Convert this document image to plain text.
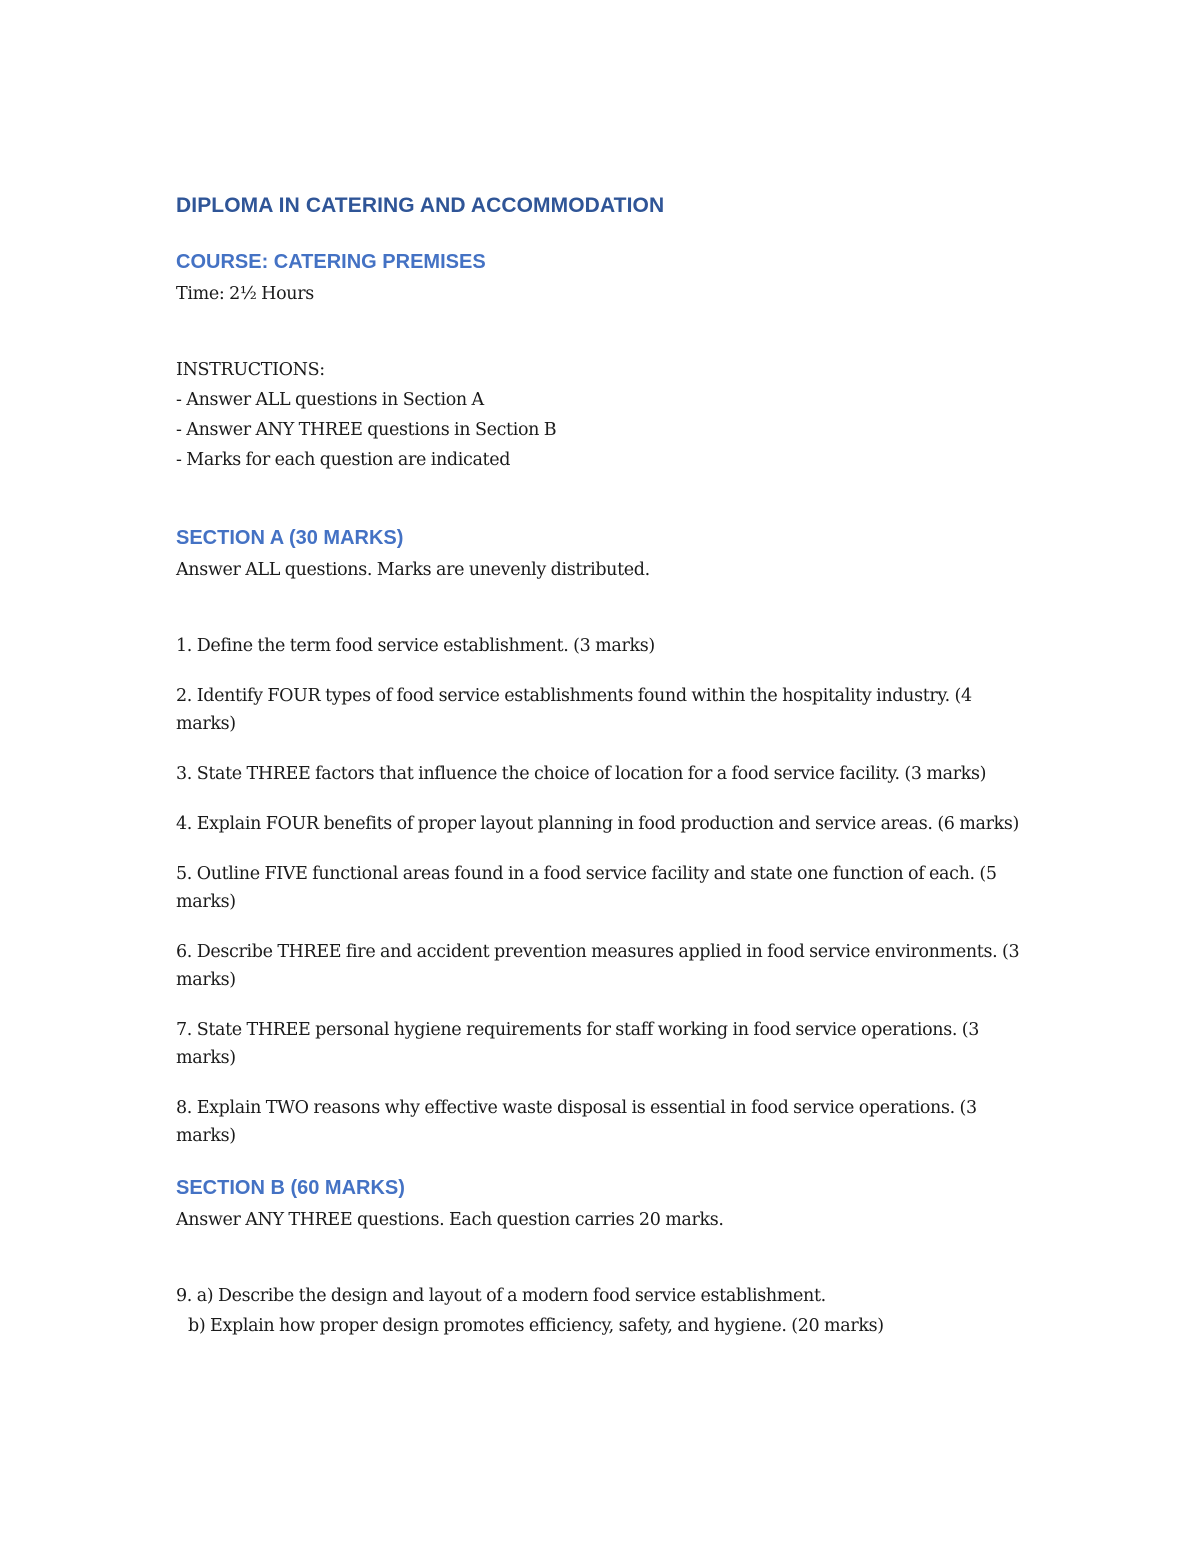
DIPLOMA IN CATERING AND ACCOMMODATION
COURSE: CATERING PREMISES
Time: 2½ Hours
INSTRUCTIONS:
- Answer ALL questions in Section A
- Answer ANY THREE questions in Section B
- Marks for each question are indicated
SECTION A (30 MARKS)
Answer ALL questions. Marks are unevenly distributed.
1. Define the term food service establishment. (3 marks)
2. Identify FOUR types of food service establishments found within the hospitality industry. (4 marks)
3. State THREE factors that influence the choice of location for a food service facility. (3 marks)
4. Explain FOUR benefits of proper layout planning in food production and service areas. (6 marks)
5. Outline FIVE functional areas found in a food service facility and state one function of each. (5 marks)
6. Describe THREE fire and accident prevention measures applied in food service environments. (3 marks)
7. State THREE personal hygiene requirements for staff working in food service operations. (3 marks)
8. Explain TWO reasons why effective waste disposal is essential in food service operations. (3 marks)
SECTION B (60 MARKS)
Answer ANY THREE questions. Each question carries 20 marks.
9. a) Describe the design and layout of a modern food service establishment.
b) Explain how proper design promotes efficiency, safety, and hygiene. (20 marks)
